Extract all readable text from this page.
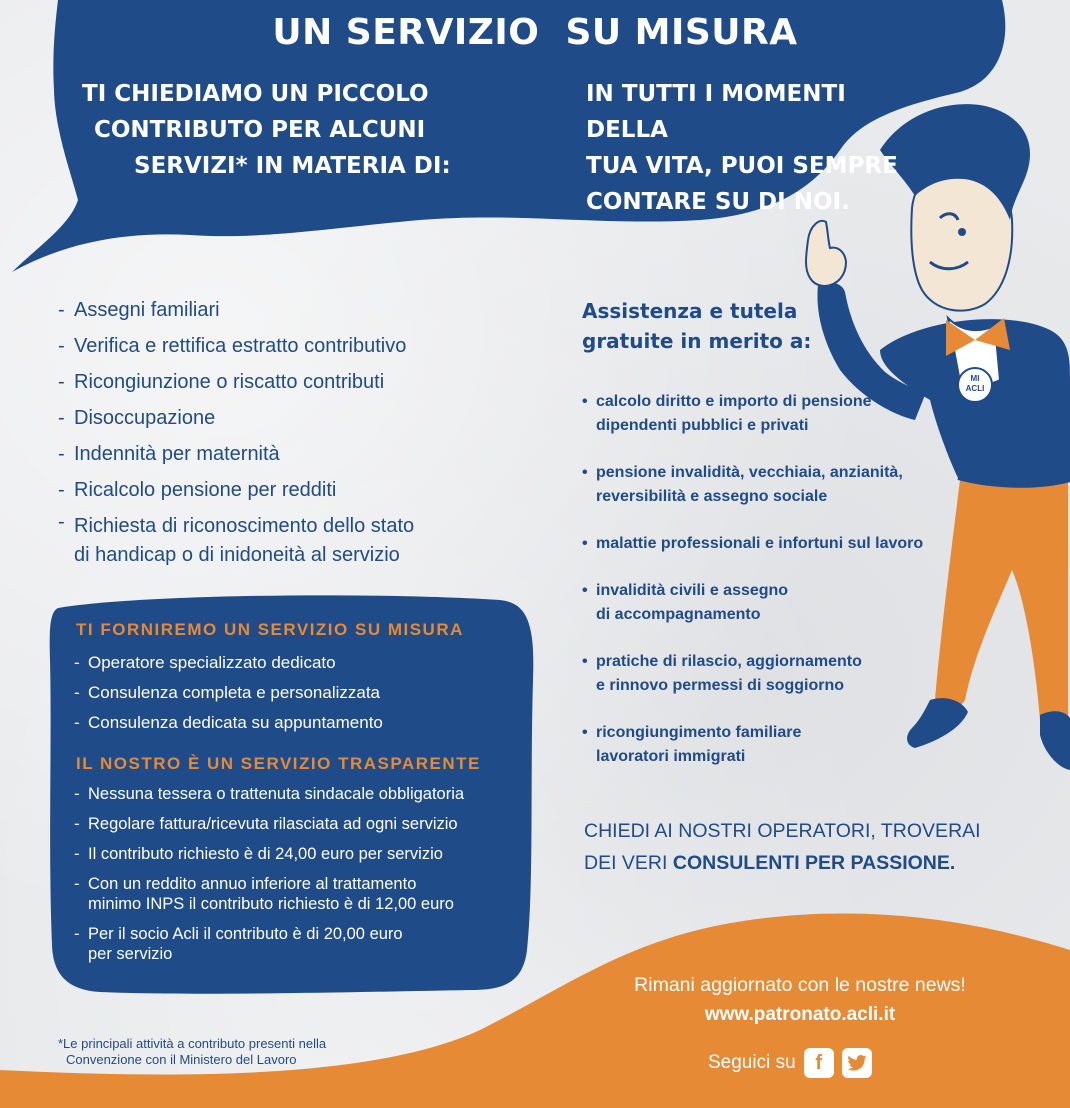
MI
ACLI
UN SERVIZIO  SU MISURA
TI CHIEDIAMO UN PICCOLO
CONTRIBUTO PER ALCUNI
SERVIZI* IN MATERIA DI:
IN TUTTI I MOMENTI DELLA
TUA VITA, PUOI SEMPRE
CONTARE SU DI NOI.
- Assegni familiari
- Verifica e rettifica estratto contributivo
- Ricongiunzione o riscatto contributi
- Disoccupazione
- Indennità per maternità
- Ricalcolo pensione per redditi
- Richiesta di riconoscimento dello stato
di handicap o di inidoneità al servizio
TI FORNIREMO UN SERVIZIO SU MISURA
- Operatore specializzato dedicato
- Consulenza completa e personalizzata
- Consulenza dedicata su appuntamento
IL NOSTRO È UN SERVIZIO TRASPARENTE
- Nessuna tessera o trattenuta sindacale obbligatoria
- Regolare fattura/ricevuta rilasciata ad ogni servizio
- Il contributo richiesto è di 24,00 euro per servizio
- Con un reddito annuo inferiore al trattamento
minimo INPS il contributo richiesto è di 12,00 euro
- Per il socio Acli il contributo è di 20,00 euro
per servizio
Assistenza e tutela
gratuite in merito a:
• calcolo diritto e importo di pensione
dipendenti pubblici e privati
• pensione invalidità, vecchiaia, anzianità,
reversibilità e assegno sociale
• malattie professionali e infortuni sul lavoro
• invalidità civili e assegno
di accompagnamento
• pratiche di rilascio, aggiornamento
e rinnovo permessi di soggiorno
• ricongiungimento familiare
lavoratori immigrati
CHIEDI AI NOSTRI OPERATORI, TROVERAI
DEI VERI CONSULENTI PER PASSIONE.
Rimani aggiornato con le nostre news!
www.patronato.acli.it
Seguici su f
*Le principali attività a contributo presenti nella
Convenzione con il Ministero del Lavoro
